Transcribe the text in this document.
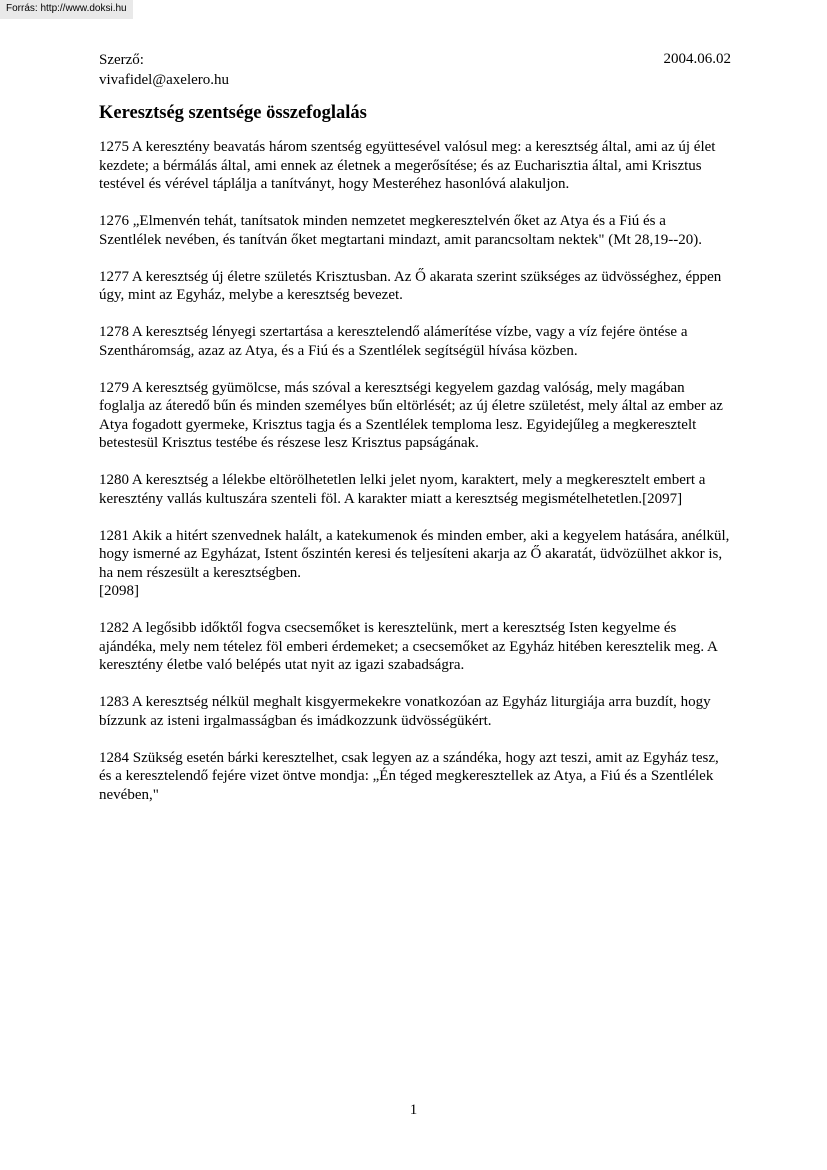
Forrás: http://www.doksi.hu
Szerző:
vivafidel@axelero.hu
2004.06.02
Keresztség szentsége összefoglalás

1275 A keresztény beavatás három szentség együttesével valósul meg: a keresztség által, ami az új élet kezdete; a bérmálás által, ami ennek az életnek a megerősítése; és az Eucharisztia által, ami Krisztus testével és vérével táplálja a tanítványt, hogy Mesteréhez hasonlóvá alakuljon.

1276 „Elmenvén tehát, tanítsatok minden nemzetet megkeresztelvén őket az Atya és a Fiú és a Szentlélek nevében, és tanítván őket megtartani mindazt, amit parancsoltam nektek" (Mt 28,19--20).

1277 A keresztség új életre születés Krisztusban. Az Ő akarata szerint szükséges az üdvösséghez, éppen úgy, mint az Egyház, melybe a keresztség bevezet.

1278 A keresztség lényegi szertartása a keresztelendő alámerítése vízbe, vagy a víz fejére öntése a Szentháromság, azaz az Atya, és a Fiú és a Szentlélek segítségül hívása közben.

1279 A keresztség gyümölcse, más szóval a keresztségi kegyelem gazdag valóság, mely magában foglalja az áteredő bűn és minden személyes bűn eltörlését; az új életre születést, mely által az ember az Atya fogadott gyermeke, Krisztus tagja és a Szentlélek temploma lesz. Egyidejűleg a megkeresztelt betestesül Krisztus testébe és részese lesz Krisztus papságának.

1280 A keresztség a lélekbe eltörölhetetlen lelki jelet nyom, karaktert, mely a megkeresztelt embert a keresztény vallás kultuszára szenteli föl. A karakter miatt a keresztség megismételhetetlen.[2097]

1281 Akik a hitért szenvednek halált, a katekumenok és minden ember, aki a kegyelem hatására, anélkül, hogy ismerné az Egyházat, Istent őszintén keresi és teljesíteni akarja az Ő akaratát, üdvözülhet akkor is, ha nem részesült a keresztségben.
[2098]

1282 A legősibb időktől fogva csecsemőket is keresztelünk, mert a keresztség Isten kegyelme és ajándéka, mely nem tételez föl emberi érdemeket; a csecsemőket az Egyház hitében keresztelik meg. A keresztény életbe való belépés utat nyit az igazi szabadságra.

1283 A keresztség nélkül meghalt kisgyermekekre vonatkozóan az Egyház liturgiája arra buzdít, hogy bízzunk az isteni irgalmasságban és imádkozzunk üdvösségükért.

1284 Szükség esetén bárki keresztelhet, csak legyen az a szándéka, hogy azt teszi, amit az Egyház tesz, és a keresztelendő fejére vizet öntve mondja: „Én téged megkeresztellek az Atya, a Fiú és a Szentlélek nevében,"

1
